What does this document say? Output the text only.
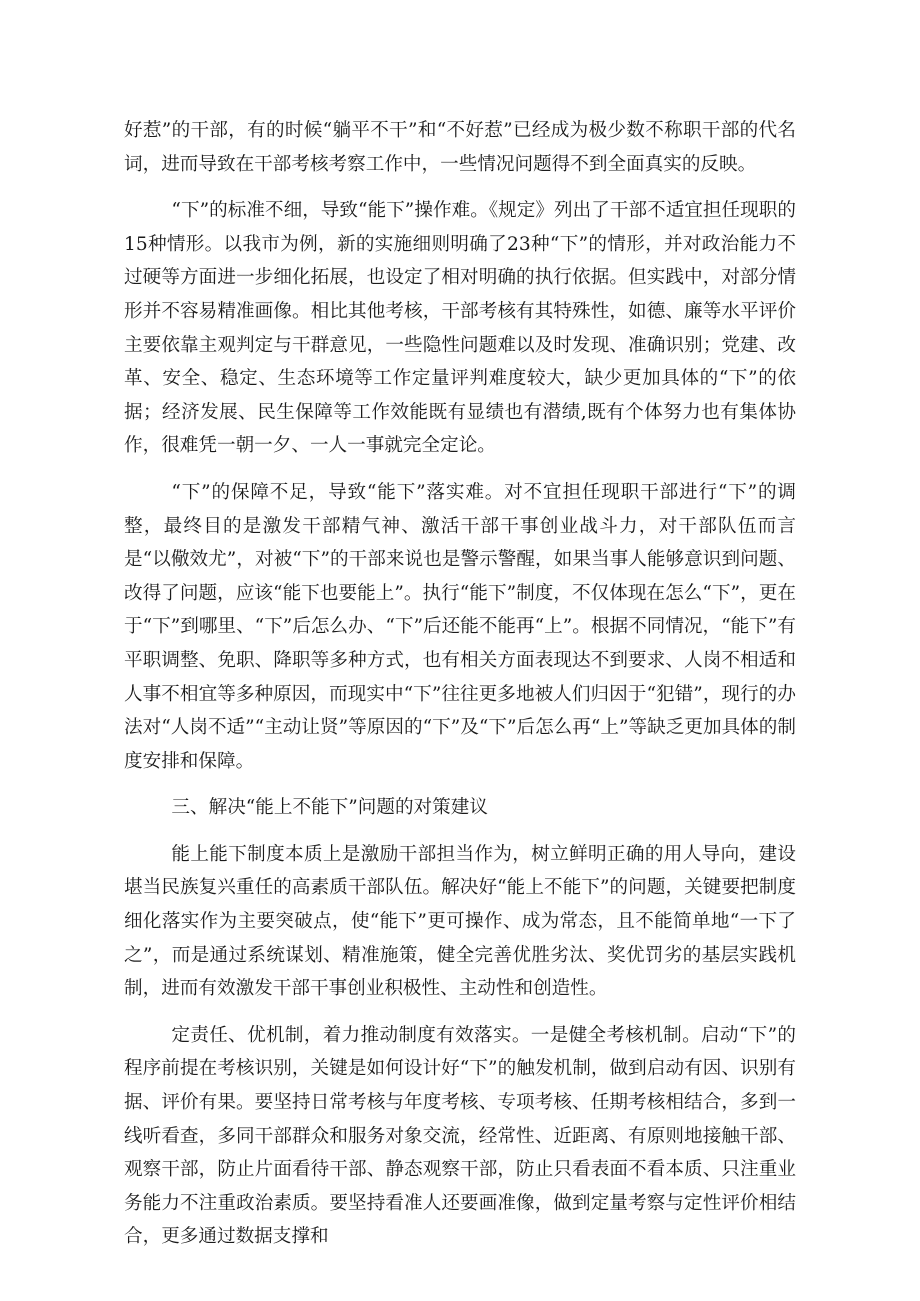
好惹”的干部，有的时候“躺平不干”和“不好惹”已经成为极少数不称职干部的代名词，进而导致在干部考核考察工作中，一些情况问题得不到全面真实的反映。

“下”的标准不细，导致“能下”操作难。《规定》列出了干部不适宜担任现职的15种情形。以我市为例，新的实施细则明确了23种“下”的情形，并对政治能力不过硬等方面进一步细化拓展，也设定了相对明确的执行依据。但实践中，对部分情形并不容易精准画像。相比其他考核，干部考核有其特殊性，如德、廉等水平评价主要依靠主观判定与干群意见，一些隐性问题难以及时发现、准确识别；党建、改革、安全、稳定、生态环境等工作定量评判难度较大，缺少更加具体的“下”的依据；经济发展、民生保障等工作效能既有显绩也有潜绩,既有个体努力也有集体协作，很难凭一朝一夕、一人一事就完全定论。

“下”的保障不足，导致“能下”落实难。对不宜担任现职干部进行“下”的调整，最终目的是激发干部精气神、激活干部干事创业战斗力，对干部队伍而言是“以儆效尤”，对被“下”的干部来说也是警示警醒，如果当事人能够意识到问题、改得了问题，应该“能下也要能上”。执行“能下”制度，不仅体现在怎么“下”，更在于“下”到哪里、“下”后怎么办、“下”后还能不能再“上”。根据不同情况，“能下”有平职调整、免职、降职等多种方式，也有相关方面表现达不到要求、人岗不相适和人事不相宜等多种原因，而现实中“下”往往更多地被人们归因于“犯错”，现行的办法对“人岗不适”“主动让贤”等原因的“下”及“下”后怎么再“上”等缺乏更加具体的制度安排和保障。

三、解决“能上不能下”问题的对策建议

能上能下制度本质上是激励干部担当作为，树立鲜明正确的用人导向，建设堪当民族复兴重任的高素质干部队伍。解决好“能上不能下”的问题，关键要把制度细化落实作为主要突破点，使“能下”更可操作、成为常态，且不能简单地“一下了之”，而是通过系统谋划、精准施策，健全完善优胜劣汰、奖优罚劣的基层实践机制，进而有效激发干部干事创业积极性、主动性和创造性。

定责任、优机制，着力推动制度有效落实。一是健全考核机制。启动“下”的程序前提在考核识别，关键是如何设计好“下”的触发机制，做到启动有因、识别有据、评价有果。要坚持日常考核与年度考核、专项考核、任期考核相结合，多到一线听看查，多同干部群众和服务对象交流，经常性、近距离、有原则地接触干部、观察干部，防止片面看待干部、静态观察干部，防止只看表面不看本质、只注重业务能力不注重政治素质。要坚持看准人还要画准像，做到定量考察与定性评价相结合，更多通过数据支撑和
